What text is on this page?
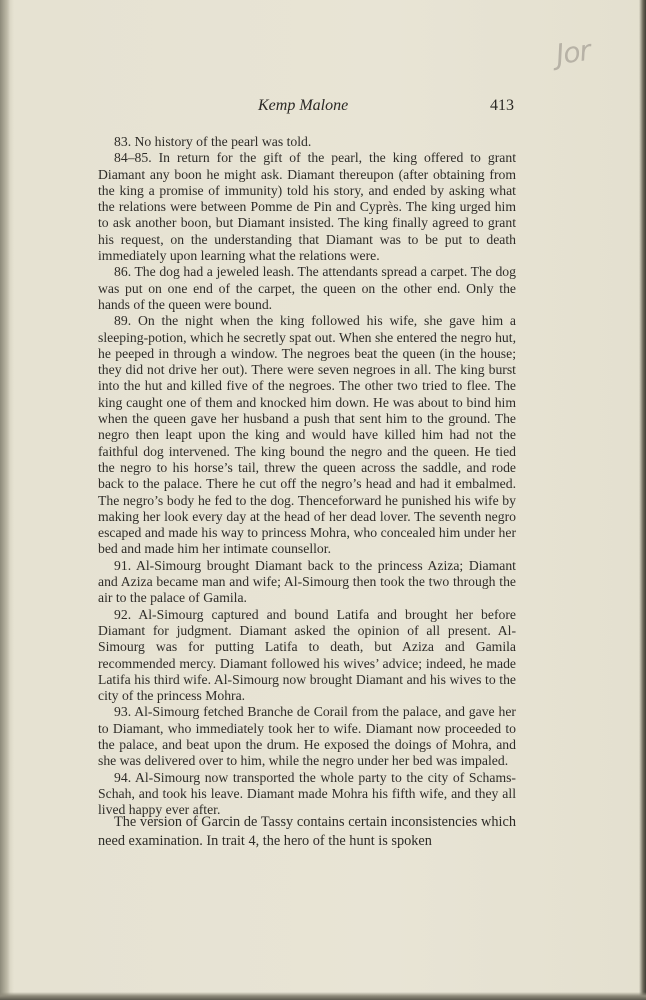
Jor
Kemp Malone	413

83. No history of the pearl was told.

84–85. In return for the gift of the pearl, the king offered to grant Diamant any boon he might ask. Diamant thereupon (after obtaining from the king a promise of immunity) told his story, and ended by asking what the relations were between Pomme de Pin and Cyprès. The king urged him to ask another boon, but Diamant insisted. The king finally agreed to grant his request, on the understanding that Diamant was to be put to death immediately upon learning what the relations were.

86. The dog had a jeweled leash. The attendants spread a carpet. The dog was put on one end of the carpet, the queen on the other end. Only the hands of the queen were bound.

89. On the night when the king followed his wife, she gave him a sleeping-potion, which he secretly spat out. When she entered the negro hut, he peeped in through a window. The negroes beat the queen (in the house; they did not drive her out). There were seven negroes in all. The king burst into the hut and killed five of the negroes. The other two tried to flee. The king caught one of them and knocked him down. He was about to bind him when the queen gave her husband a push that sent him to the ground. The negro then leapt upon the king and would have killed him had not the faithful dog intervened. The king bound the negro and the queen. He tied the negro to his horse’s tail, threw the queen across the saddle, and rode back to the palace. There he cut off the negro’s head and had it embalmed. The negro’s body he fed to the dog. Thenceforward he punished his wife by making her look every day at the head of her dead lover. The seventh negro escaped and made his way to princess Mohra, who concealed him under her bed and made him her intimate counsellor.

91. Al-Simourg brought Diamant back to the princess Aziza; Diamant and Aziza became man and wife; Al-Simourg then took the two through the air to the palace of Gamila.

92. Al-Simourg captured and bound Latifa and brought her before Diamant for judgment. Diamant asked the opinion of all present. Al-Simourg was for putting Latifa to death, but Aziza and Gamila recommended mercy. Diamant followed his wives’ advice; indeed, he made Latifa his third wife. Al-Simourg now brought Diamant and his wives to the city of the princess Mohra.

93. Al-Simourg fetched Branche de Corail from the palace, and gave her to Diamant, who immediately took her to wife. Diamant now proceeded to the palace, and beat upon the drum. He exposed the doings of Mohra, and she was delivered over to him, while the negro under her bed was impaled.

94. Al-Simourg now transported the whole party to the city of Schams-Schah, and took his leave. Diamant made Mohra his fifth wife, and they all lived happy ever after.

The version of Garcin de Tassy contains certain inconsistencies which need examination. In trait 4, the hero of the hunt is spoken
